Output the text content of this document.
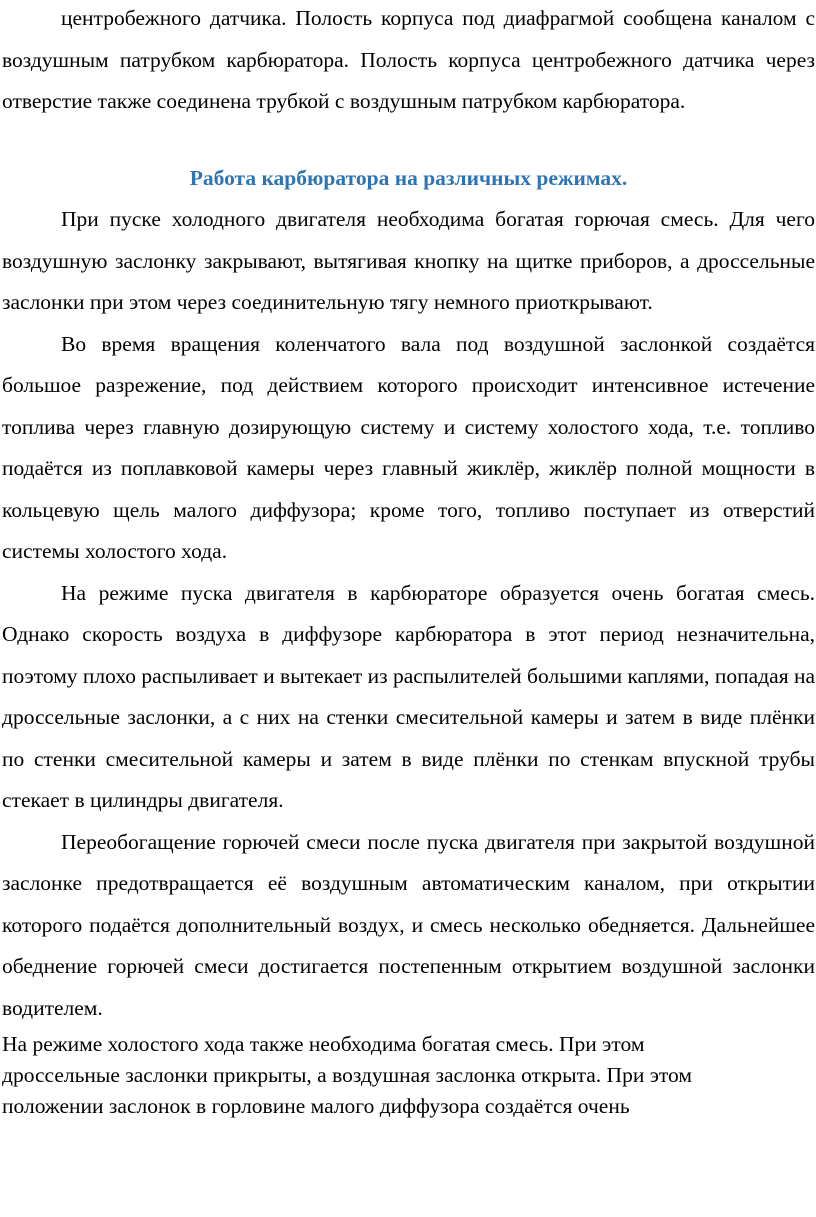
центробежного датчика. Полость корпуса под диафрагмой сообщена каналом с воздушным патрубком карбюратора. Полость корпуса центробежного датчика через отверстие также соединена трубкой с воздушным патрубком карбюратора.

Работа карбюратора на различных режимах.

При пуске холодного двигателя необходима богатая горючая смесь. Для чего воздушную заслонку закрывают, вытягивая кнопку на щитке приборов, а дроссельные заслонки при этом через соединительную тягу немного приоткрывают.

Во время вращения коленчатого вала под воздушной заслонкой создаётся большое разрежение, под действием которого происходит интенсивное истечение топлива через главную дозирующую систему и систему холостого хода, т.е. топливо подаётся из поплавковой камеры через главный жиклёр, жиклёр полной мощности в кольцевую щель малого диффузора; кроме того, топливо поступает из отверстий системы холостого хода.

На режиме пуска двигателя в карбюраторе образуется очень богатая смесь. Однако скорость воздуха в диффузоре карбюратора в этот период незначительна, поэтому плохо распыливает и вытекает из распылителей большими каплями, попадая на дроссельные заслонки, а с них на стенки смесительной камеры и затем в виде плёнки по стенки смесительной камеры и затем в виде плёнки по стенкам впускной трубы стекает в цилиндры двигателя.

Переобогащение горючей смеси после пуска двигателя при закрытой воздушной заслонке предотвращается её воздушным автоматическим каналом, при открытии которого подаётся дополнительный воздух, и смесь несколько обедняется. Дальнейшее обеднение горючей смеси достигается постепенным открытием воздушной заслонки водителем.

На режиме холостого хода также необходима богатая смесь. При этом

дроссельные заслонки прикрыты, а воздушная заслонка открыта. При этом

положении заслонок в горловине малого диффузора создаётся очень
